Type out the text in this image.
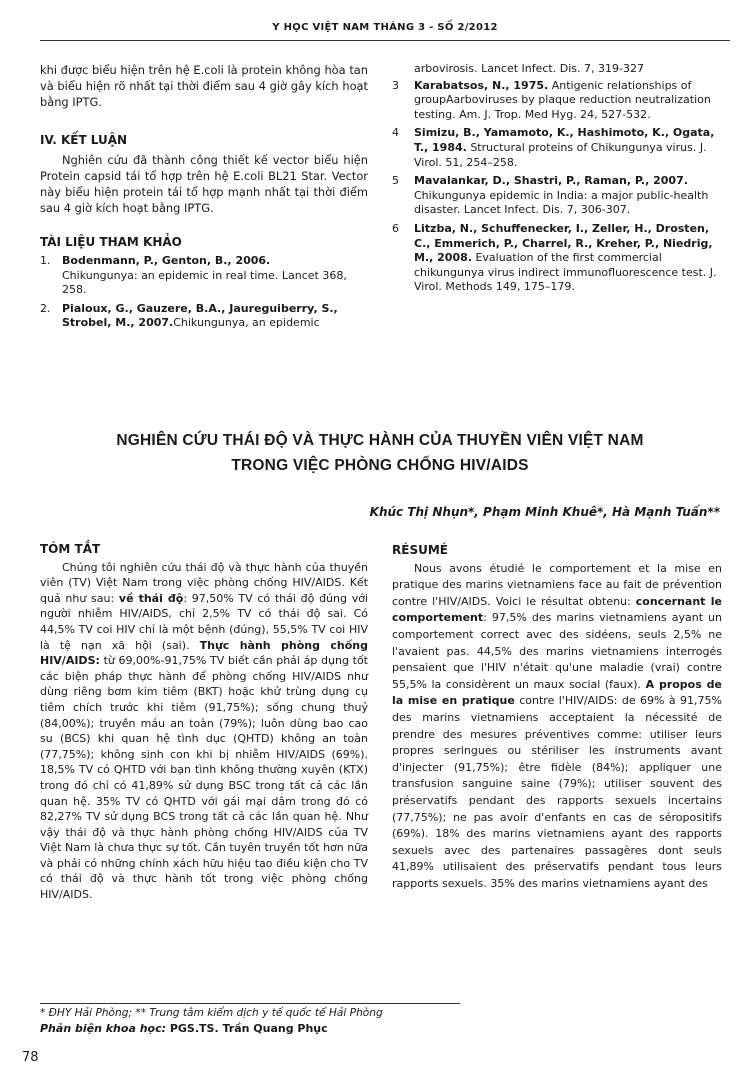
Y HỌC VIỆT NAM THÁNG 3 - SỐ 2/2012

khi được biểu hiện trên hệ E.coli là protein không hòa tan và biểu hiện rõ nhất tại thời điểm sau 4 giờ gây kích hoạt bằng IPTG.

IV. KẾT LUẬN

Nghiên cứu đã thành công thiết kế vector biểu hiện Protein capsid tái tổ hợp trên hệ E.coli BL21 Star. Vector này biểu hiện protein tái tổ hợp mạnh nhất tại thời điểm sau 4 giờ kích hoạt bằng IPTG.

TÀI LIỆU THAM KHẢO
1.	Bodenmann, P., Genton, B., 2006.
Chikungunya: an epidemic in real time. Lancet 368, 258.
2.	Pialoux, G., Gauzere, B.A., Jaureguiberry, S., Strobel, M., 2007.Chikungunya, an epidemic
arbovirosis. Lancet Infect. Dis. 7, 319-327
3	Karabatsos, N., 1975. Antigenic relationships of groupAarboviruses by plaque reduction neutralization testing. Am. J. Trop. Med Hyg. 24, 527-532.
4	Simizu, B., Yamamoto, K., Hashimoto, K., Ogata, T., 1984. Structural proteins of Chikungunya virus. J. Virol. 51, 254–258.
5	Mavalankar, D., Shastri, P., Raman, P., 2007. Chikungunya epidemic in India: a major public-health disaster. Lancet Infect. Dis. 7, 306-307.
6	Litzba, N., Schuffenecker, I., Zeller, H., Drosten, C., Emmerich, P., Charrel, R., Kreher, P., Niedrig, M., 2008. Evaluation of the first commercial chikungunya virus indirect immunofluorescence test. J. Virol. Methods 149, 175–179.
NGHIÊN CỨU THÁI ĐỘ VÀ THỰC HÀNH CỦA THUYỀN VIÊN VIỆT NAM
TRONG VIỆC PHÒNG CHỐNG HIV/AIDS
Khúc Thị Nhụn*, Phạm Minh Khuê*, Hà Mạnh Tuấn**
TÓM TẮT

Chúng tôi nghiên cứu thái độ và thực hành của thuyền viên (TV) Việt Nam trong việc phòng chống HIV/AIDS. Kết quả như sau: về thái độ: 97,50% TV có thái độ đúng với người nhiễm HIV/AIDS, chỉ 2,5% TV có thái độ sai. Có 44,5% TV coi HIV chỉ là một bệnh (đúng), 55,5% TV coi HIV là tệ nạn xã hội (sai). Thực hành phòng chống HIV/AIDS: từ 69,00%-91,75% TV biết cần phải áp dụng tốt các biện pháp thực hành để phòng chống HIV/AIDS như dùng riêng bơm kim tiêm (BKT) hoặc khử trùng dụng cụ tiêm chích trước khi tiêm (91,75%); sống chung thuỷ (84,00%); truyền máu an toàn (79%); luôn dùng bao cao su (BCS) khi quan hệ tình dục (QHTD) không an toàn (77,75%); không sinh con khi bị nhiễm HIV/AIDS (69%). 18,5% TV có QHTD với bạn tình không thường xuyên (KTX) trong đó chỉ có 41,89% sử dụng BSC trong tất cả các lần quan hệ. 35% TV có QHTD với gái mại dâm trong đó có 82,27% TV sử dụng BCS trong tất cả các lần quan hệ. Như vậy thái độ và thực hành phòng chống HIV/AIDS của TV Việt Nam là chưa thực sự tốt. Cần tuyên truyền tốt hơn nữa và phải có những chính xách hữu hiệu tạo điều kiện cho TV có thái độ và thực hành tốt trong việc phòng chống HIV/AIDS.

RÉSUMÉ

Nous avons étudié le comportement et la mise en pratique des marins vietnamiens face au fait de prévention contre l'HIV/AIDS. Voici le résultat obtenu: concernant le comportement: 97,5% des marins vietnamiens ayant un comportement correct avec des sidéens, seuls 2,5% ne l'avaient pas. 44,5% des marins vietnamiens interrogés pensaient que l'HIV n'était qu'une maladie (vrai) contre 55,5% la considèrent un maux social (faux). A propos de la mise en pratique contre l'HIV/AIDS: de 69% à 91,75% des marins vietnamiens acceptaient la nécessité de prendre des mesures préventives comme: utiliser leurs propres seringues ou stériliser les instruments avant d'injecter (91,75%); être fidèle (84%); appliquer une transfusion sanguine saine (79%); utiliser souvent des préservatifs pendant des rapports sexuels incertains (77,75%); ne pas avoir d'enfants en cas de séropositifs (69%). 18% des marins vietnamiens ayant des rapports sexuels avec des partenaires passagères dont seuls 41,89% utilisaient des préservatifs pendant tous leurs rapports sexuels. 35% des marins vietnamiens ayant des

* ĐHY Hải Phòng; ** Trung tâm kiểm dịch y tế quốc tế Hải Phòng
Phản biện khoa học: PGS.TS. Trần Quang Phục
78
